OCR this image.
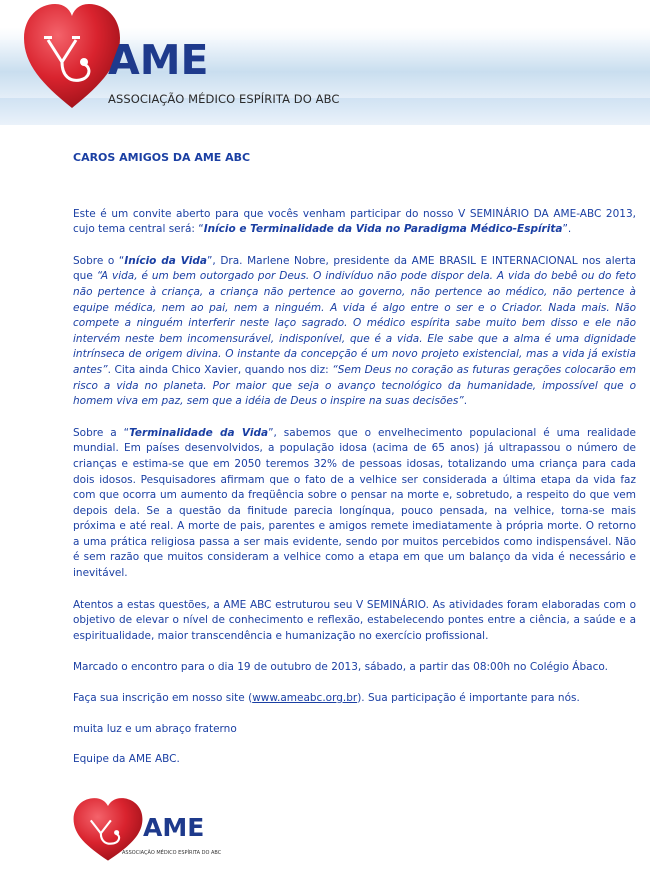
AME
ASSOCIAÇÃO MÉDICO ESPÍRITA DO ABC
CAROS AMIGOS DA AME ABC

Este é um convite aberto para que vocês venham participar do nosso V SEMINÁRIO DA AME-ABC 2013, cujo tema central será: “Início e Terminalidade da Vida no Paradigma Médico-Espírita”.

Sobre o “Início da Vida”, Dra. Marlene Nobre, presidente da AME BRASIL E INTERNACIONAL nos alerta que “A vida, é um bem outorgado por Deus. O indivíduo não pode dispor dela. A vida do bebê ou do feto não pertence à criança, a criança não pertence ao governo, não pertence ao médico, não pertence à equipe médica, nem ao pai, nem a ninguém. A vida é algo entre o ser e o Criador. Nada mais. Não compete a ninguém interferir neste laço sagrado. O médico espírita sabe muito bem disso e ele não intervém neste bem incomensurável, indisponível, que é a vida. Ele sabe que a alma é uma dignidade intrínseca de origem divina. O instante da concepção é um novo projeto existencial, mas a vida já existia antes”. Cita ainda Chico Xavier, quando nos diz: “Sem Deus no coração as futuras gerações colocarão em risco a vida no planeta. Por maior que seja o avanço tecnológico da humanidade, impossível que o homem viva em paz, sem que a idéia de Deus o inspire na suas decisões”.

Sobre a “Terminalidade da Vida”, sabemos que o envelhecimento populacional é uma realidade mundial. Em países desenvolvidos, a população idosa (acima de 65 anos) já ultrapassou o número de crianças e estima-se que em 2050 teremos 32% de pessoas idosas, totalizando uma criança para cada dois idosos. Pesquisadores afirmam que o fato de a velhice ser considerada a última etapa da vida faz com que ocorra um aumento da freqüência sobre o pensar na morte e, sobretudo, a respeito do que vem depois dela. Se a questão da finitude parecia longínqua, pouco pensada, na velhice, torna-se mais próxima e até real. A morte de pais, parentes e amigos remete imediatamente à própria morte. O retorno a uma prática religiosa passa a ser mais evidente, sendo por muitos percebidos como indispensável. Não é sem razão que muitos consideram a velhice como a etapa em que um balanço da vida é necessário e inevitável.

Atentos a estas questões, a AME ABC estruturou seu V SEMINÁRIO. As atividades foram elaboradas com o objetivo de elevar o nível de conhecimento e reflexão, estabelecendo pontes entre a ciência, a saúde e a espiritualidade, maior transcendência e humanização no exercício profissional.

Marcado o encontro para o dia 19 de outubro de 2013, sábado, a partir das 08:00h no Colégio Ábaco.

Faça sua inscrição em nosso site (www.ameabc.org.br). Sua participação é importante para nós.

muita luz e um abraço fraterno

Equipe da AME ABC.

AME
ASSOCIAÇÃO MÉDICO ESPÍRITA DO ABC
